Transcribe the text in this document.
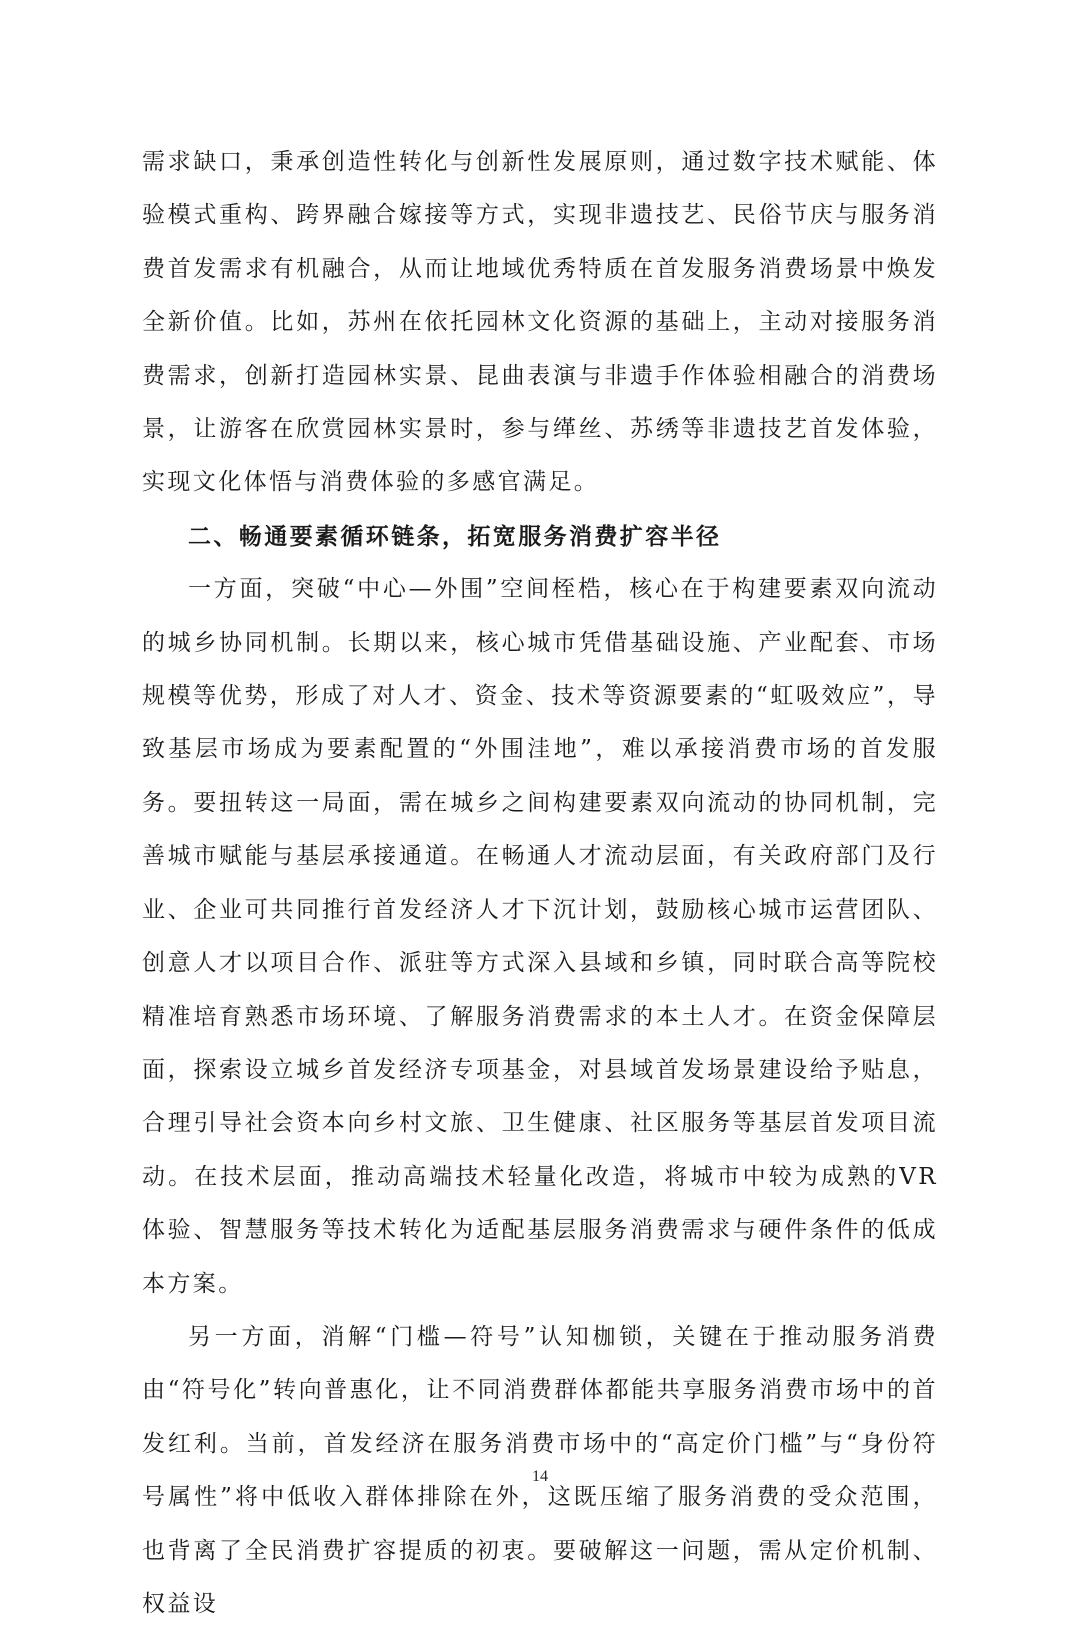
需求缺口，秉承创造性转化与创新性发展原则，通过数字技术赋能、体验模式重构、跨界融合嫁接等方式，实现非遗技艺、民俗节庆与服务消费首发需求有机融合，从而让地域优秀特质在首发服务消费场景中焕发全新价值。比如，苏州在依托园林文化资源的基础上，主动对接服务消费需求，创新打造园林实景、昆曲表演与非遗手作体验相融合的消费场景，让游客在欣赏园林实景时，参与缂丝、苏绣等非遗技艺首发体验，实现文化体悟与消费体验的多感官满足。

二、畅通要素循环链条，拓宽服务消费扩容半径

一方面，突破“中心—外围”空间桎梏，核心在于构建要素双向流动的城乡协同机制。长期以来，核心城市凭借基础设施、产业配套、市场规模等优势，形成了对人才、资金、技术等资源要素的“虹吸效应”，导致基层市场成为要素配置的“外围洼地”，难以承接消费市场的首发服务。要扭转这一局面，需在城乡之间构建要素双向流动的协同机制，完善城市赋能与基层承接通道。在畅通人才流动层面，有关政府部门及行业、企业可共同推行首发经济人才下沉计划，鼓励核心城市运营团队、创意人才以项目合作、派驻等方式深入县域和乡镇，同时联合高等院校精准培育熟悉市场环境、了解服务消费需求的本土人才。在资金保障层面，探索设立城乡首发经济专项基金，对县域首发场景建设给予贴息，合理引导社会资本向乡村文旅、卫生健康、社区服务等基层首发项目流动。在技术层面，推动高端技术轻量化改造，将城市中较为成熟的VR体验、智慧服务等技术转化为适配基层服务消费需求与硬件条件的低成本方案。

另一方面，消解“门槛—符号”认知枷锁，关键在于推动服务消费由“符号化”转向普惠化，让不同消费群体都能共享服务消费市场中的首发红利。当前，首发经济在服务消费市场中的“高定价门槛”与“身份符号属性”将中低收入群体排除在外，这既压缩了服务消费的受众范围，也背离了全民消费扩容提质的初衷。要破解这一问题，需从定价机制、权益设

14
